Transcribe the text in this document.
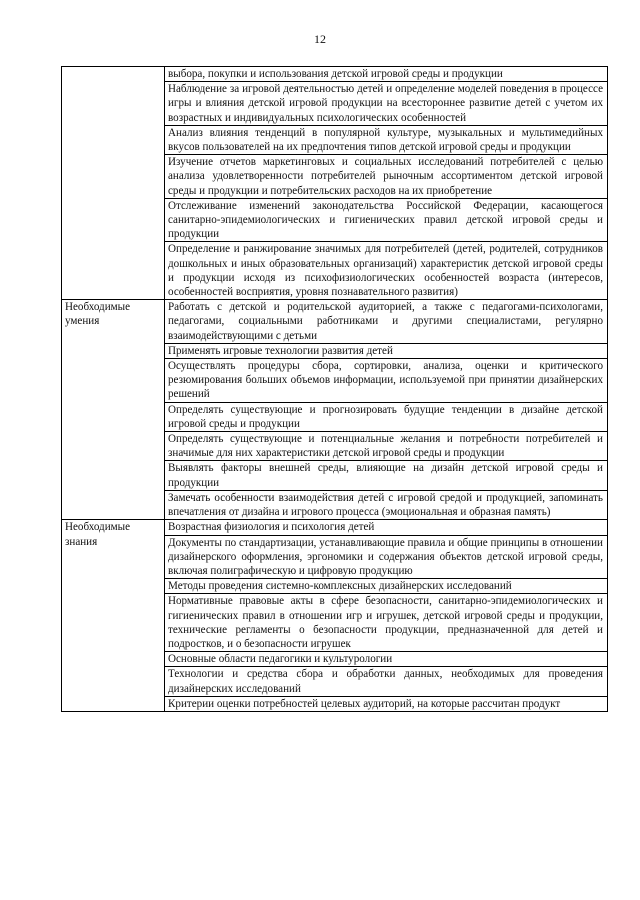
12

	выбора, покупки и использования детской игровой среды и продукции

	Наблюдение за игровой деятельностью детей и определение моделей поведения в процессе игры и влияния детской игровой продукции на всестороннее развитие детей с учетом их возрастных и индивидуальных психологических особенностей

	Анализ влияния тенденций в популярной культуре, музыкальных и мультимедийных вкусов пользователей на их предпочтения типов детской игровой среды и продукции

	Изучение отчетов маркетинговых и социальных исследований потребителей с целью анализа удовлетворенности потребителей рыночным ассортиментом детской игровой среды и продукции и потребительских расходов на их приобретение

	Отслеживание изменений законодательства Российской Федерации, касающегося санитарно-эпидемиологических и гигиенических правил детской игровой среды и продукции

	Определение и ранжирование значимых для потребителей (детей, родителей, сотрудников дошкольных и иных образовательных организаций) характеристик детской игровой среды и продукции исходя из психофизиологических особенностей возраста (интересов, особенностей восприятия, уровня познавательного развития)

Необходимые умения	Работать с детской и родительской аудиторией, а также с педагогами-психологами, педагогами, социальными работниками и другими специалистами, регулярно взаимодействующими с детьми

	Применять игровые технологии развития детей

	Осуществлять процедуры сбора, сортировки, анализа, оценки и критического резюмирования больших объемов информации, используемой при принятии дизайнерских решений

	Определять существующие и прогнозировать будущие тенденции в дизайне детской игровой среды и продукции

	Определять существующие и потенциальные желания и потребности потребителей и значимые для них характеристики детской игровой среды и продукции

	Выявлять факторы внешней среды, влияющие на дизайн детской игровой среды и продукции

	Замечать особенности взаимодействия детей с игровой средой и продукцией, запоминать впечатления от дизайна и игрового процесса (эмоциональная и образная память)

Необходимые знания	Возрастная физиология и психология детей

	Документы по стандартизации, устанавливающие правила и общие принципы в отношении дизайнерского оформления, эргономики и содержания объектов детской игровой среды, включая полиграфическую и цифровую продукцию

	Методы проведения системно-комплексных дизайнерских исследований

	Нормативные правовые акты в сфере безопасности, санитарно-эпидемиологических и гигиенических правил в отношении игр и игрушек, детской игровой среды и продукции, технические регламенты о безопасности продукции, предназначенной для детей и подростков, и о безопасности игрушек

	Основные области педагогики и культурологии

	Технологии и средства сбора и обработки данных, необходимых для проведения дизайнерских исследований

	Критерии оценки потребностей целевых аудиторий, на которые рассчитан продукт
